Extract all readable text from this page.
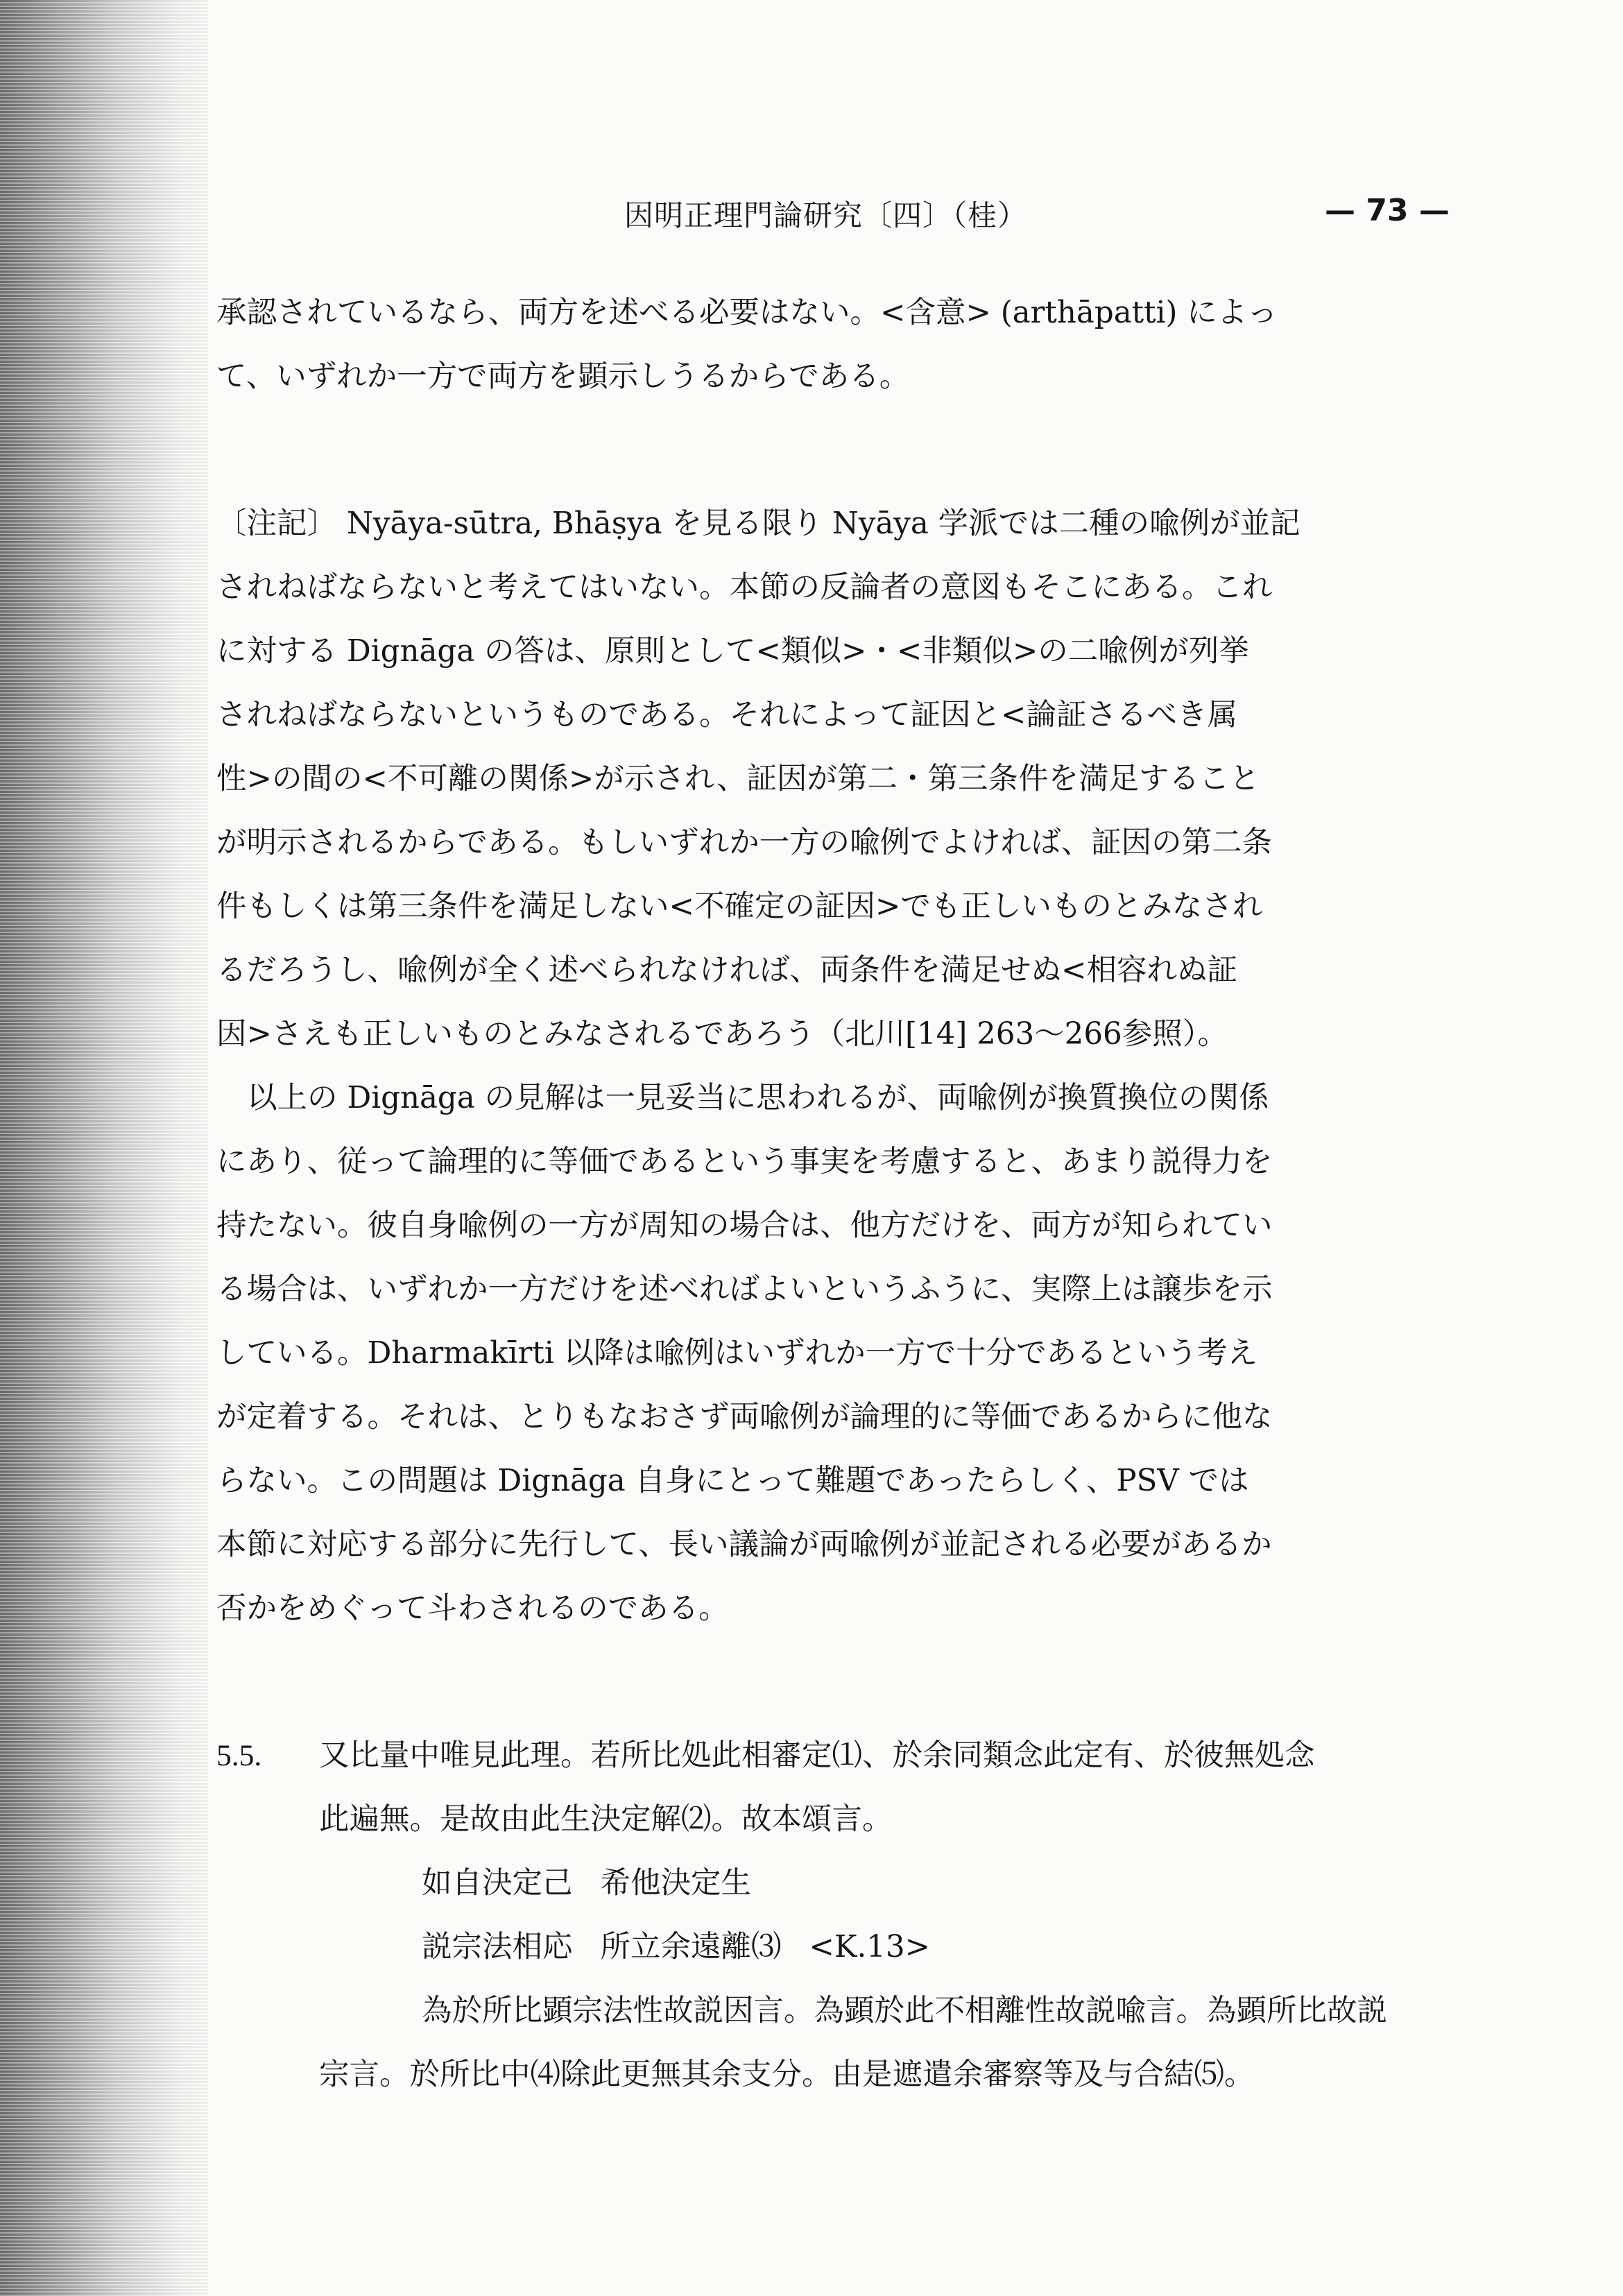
因明正理門論研究〔四〕（桂）	— 73 —

承認されているなら、両方を述べる必要はない。<含意> (arthāpatti) によっ

て、いずれか一方で両方を顕示しうるからである。

〔注記〕 Nyāya-sūtra, Bhāṣya を見る限り Nyāya 学派では二種の喩例が並記

されねばならないと考えてはいない。本節の反論者の意図もそこにある。これ

に対する Dignāga の答は、原則として<類似>・<非類似>の二喩例が列挙

されねばならないというものである。それによって証因と<論証さるべき属

性>の間の<不可離の関係>が示され、証因が第二・第三条件を満足すること

が明示されるからである。もしいずれか一方の喩例でよければ、証因の第二条

件もしくは第三条件を満足しない<不確定の証因>でも正しいものとみなされ

るだろうし、喩例が全く述べられなければ、両条件を満足せぬ<相容れぬ証

因>さえも正しいものとみなされるであろう（北川[14] 263〜266参照）。

以上の Dignāga の見解は一見妥当に思われるが、両喩例が換質換位の関係

にあり、従って論理的に等価であるという事実を考慮すると、あまり説得力を

持たない。彼自身喩例の一方が周知の場合は、他方だけを、両方が知られてい

る場合は、いずれか一方だけを述べればよいというふうに、実際上は譲歩を示

している。Dharmakīrti 以降は喩例はいずれか一方で十分であるという考え

が定着する。それは、とりもなおさず両喩例が論理的に等価であるからに他な

らない。この問題は Dignāga 自身にとって難題であったらしく、PSV では

本節に対応する部分に先行して、長い議論が両喩例が並記される必要があるか

否かをめぐって斗わされるのである。

5.5. 又比量中唯見此理。若所比処此相審定⑴、於余同類念此定有、於彼無処念
此遍無。是故由此生決定解⑵。故本頌言。
如自決定己 希他決定生
説宗法相応 所立余遠離⑶ <K.13>
為於所比顕宗法性故説因言。為顕於此不相離性故説喩言。為顕所比故説
宗言。於所比中⑷除此更無其余支分。由是遮遣余審察等及与合結⑸。
